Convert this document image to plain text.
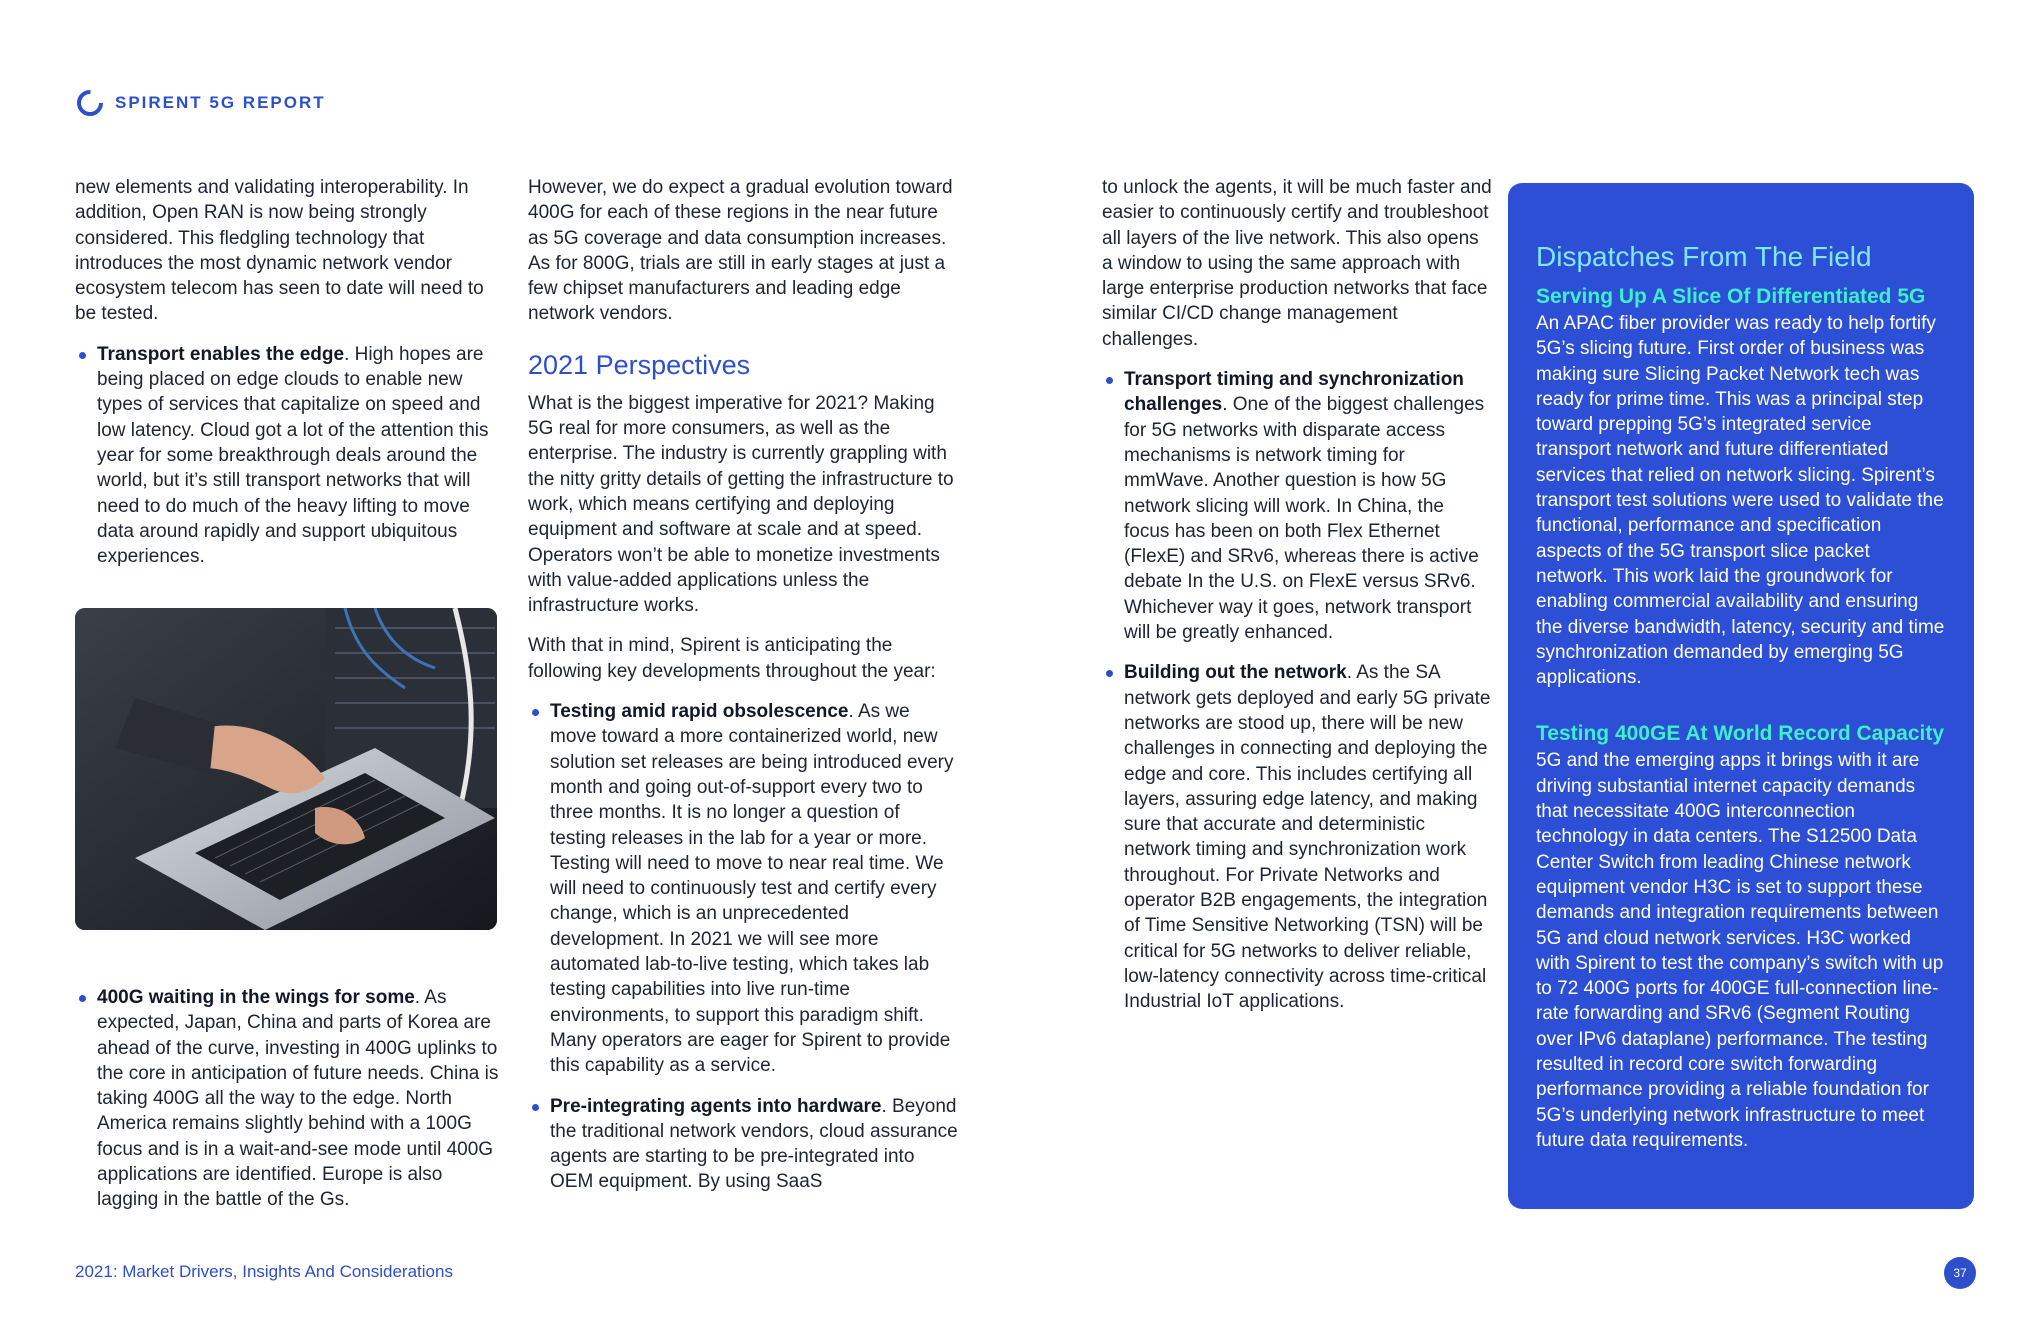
SPIRENT 5G REPORT

new elements and validating interoperability. In addition, Open RAN is now being strongly considered. This fledgling technology that introduces the most dynamic network vendor ecosystem telecom has seen to date will need to be tested.

Transport enables the edge. High hopes are being placed on edge clouds to enable new types of services that capitalize on speed and low latency. Cloud got a lot of the attention this year for some breakthrough deals around the world, but it’s still transport networks that will need to do much of the heavy lifting to move data around rapidly and support ubiquitous experiences.
400G waiting in the wings for some. As expected, Japan, China and parts of Korea are ahead of the curve, investing in 400G uplinks to the core in anticipation of future needs. China is taking 400G all the way to the edge. North America remains slightly behind with a 100G focus and is in a wait-and-see mode until 400G applications are identified. Europe is also lagging in the battle of the Gs.

However, we do expect a gradual evolution toward 400G for each of these regions in the near future as 5G coverage and data consumption increases. As for 800G, trials are still in early stages at just a few chipset manufacturers and leading edge network vendors.

2021 Perspectives

What is the biggest imperative for 2021? Making 5G real for more consumers, as well as the enterprise. The industry is currently grappling with the nitty gritty details of getting the infrastructure to work, which means certifying and deploying equipment and software at scale and at speed. Operators won’t be able to monetize investments with value-added applications unless the infrastructure works.

With that in mind, Spirent is anticipating the following key developments throughout the year:

Testing amid rapid obsolescence. As we move toward a more containerized world, new solution set releases are being introduced every month and going out-of-support every two to three months. It is no longer a question of testing releases in the lab for a year or more. Testing will need to move to near real time. We will need to continuously test and certify every change, which is an unprecedented development. In 2021 we will see more automated lab-to-live testing, which takes lab testing capabilities into live run-time environments, to support this paradigm shift. Many operators are eager for Spirent to provide this capability as a service.
Pre-integrating agents into hardware. Beyond the traditional network vendors, cloud assurance agents are starting to be pre-integrated into OEM equipment. By using SaaS

to unlock the agents, it will be much faster and easier to continuously certify and troubleshoot all layers of the live network. This also opens a window to using the same approach with large enterprise production networks that face similar CI/CD change management challenges.

Transport timing and synchronization challenges. One of the biggest challenges for 5G networks with disparate access mechanisms is network timing for mmWave. Another question is how 5G network slicing will work. In China, the focus has been on both Flex Ethernet (FlexE) and SRv6, whereas there is active debate In the U.S. on FlexE versus SRv6. Whichever way it goes, network transport will be greatly enhanced.
Building out the network. As the SA network gets deployed and early 5G private networks are stood up, there will be new challenges in connecting and deploying the edge and core. This includes certifying all layers, assuring edge latency, and making sure that accurate and deterministic network timing and synchronization work throughout. For Private Networks and operator B2B engagements, the integration of Time Sensitive Networking (TSN) will be critical for 5G networks to deliver reliable, low-latency connectivity across time-critical Industrial IoT applications.
Dispatches From The Field
Serving Up A Slice Of Differentiated 5G

An APAC fiber provider was ready to help fortify 5G’s slicing future. First order of business was making sure Slicing Packet Network tech was ready for prime time. This was a principal step toward prepping 5G’s integrated service transport network and future differentiated services that relied on network slicing. Spirent’s transport test solutions were used to validate the functional, performance and specification aspects of the 5G transport slice packet network. This work laid the groundwork for enabling commercial availability and ensuring the diverse bandwidth, latency, security and time synchronization demanded by emerging 5G applications.

Testing 400GE At World Record Capacity

5G and the emerging apps it brings with it are driving substantial internet capacity demands that necessitate 400G interconnection technology in data centers. The S12500 Data Center Switch from leading Chinese network equipment vendor H3C is set to support these demands and integration requirements between 5G and cloud network services. H3C worked with Spirent to test the company’s switch with up to 72 400G ports for 400GE full-connection line-rate forwarding and SRv6 (Segment Routing over IPv6 dataplane) performance. The testing resulted in record core switch forwarding performance providing a reliable foundation for 5G’s underlying network infrastructure to meet future data requirements.

2021: Market Drivers, Insights And Considerations	37
